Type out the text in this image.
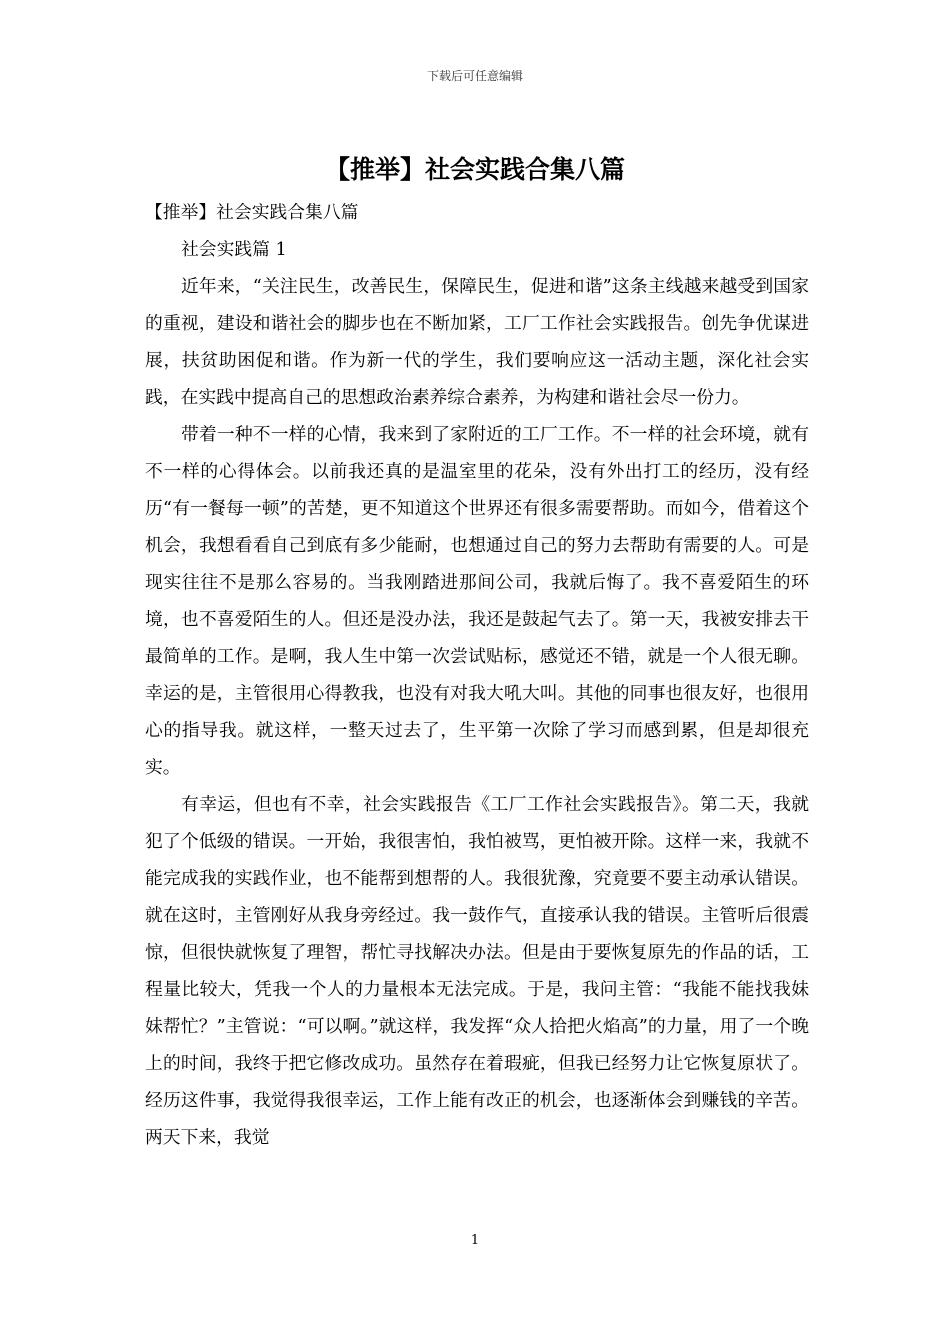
下载后可任意编辑
【推举】社会实践合集八篇

【推举】社会实践合集八篇

社会实践篇 1

近年来，“关注民生，改善民生，保障民生，促进和谐”这条主线越来越受到国家的重视，建设和谐社会的脚步也在不断加紧，工厂工作社会实践报告。创先争优谋进展，扶贫助困促和谐。作为新一代的学生，我们要响应这一活动主题，深化社会实践，在实践中提高自己的思想政治素养综合素养，为构建和谐社会尽一份力。

带着一种不一样的心情，我来到了家附近的工厂工作。不一样的社会环境，就有不一样的心得体会。以前我还真的是温室里的花朵，没有外出打工的经历，没有经历“有一餐每一顿”的苦楚，更不知道这个世界还有很多需要帮助。而如今，借着这个机会，我想看看自己到底有多少能耐，也想通过自己的努力去帮助有需要的人。可是现实往往不是那么容易的。当我刚踏进那间公司，我就后悔了。我不喜爱陌生的环境，也不喜爱陌生的人。但还是没办法，我还是鼓起气去了。第一天，我被安排去干最简单的工作。是啊，我人生中第一次尝试贴标，感觉还不错，就是一个人很无聊。幸运的是，主管很用心得教我，也没有对我大吼大叫。其他的同事也很友好，也很用心的指导我。就这样，一整天过去了，生平第一次除了学习而感到累，但是却很充实。

有幸运，但也有不幸，社会实践报告《工厂工作社会实践报告》。第二天，我就犯了个低级的错误。一开始，我很害怕，我怕被骂，更怕被开除。这样一来，我就不能完成我的实践作业，也不能帮到想帮的人。我很犹豫，究竟要不要主动承认错误。就在这时，主管刚好从我身旁经过。我一鼓作气，直接承认我的错误。主管听后很震惊，但很快就恢复了理智，帮忙寻找解决办法。但是由于要恢复原先的作品的话，工程量比较大，凭我一个人的力量根本无法完成。于是，我问主管：“我能不能找我妹妹帮忙？”主管说：“可以啊。”就这样，我发挥“众人拾把火焰高”的力量，用了一个晚上的时间，我终于把它修改成功。虽然存在着瑕疵，但我已经努力让它恢复原状了。经历这件事，我觉得我很幸运，工作上能有改正的机会，也逐渐体会到赚钱的辛苦。两天下来，我觉

1
